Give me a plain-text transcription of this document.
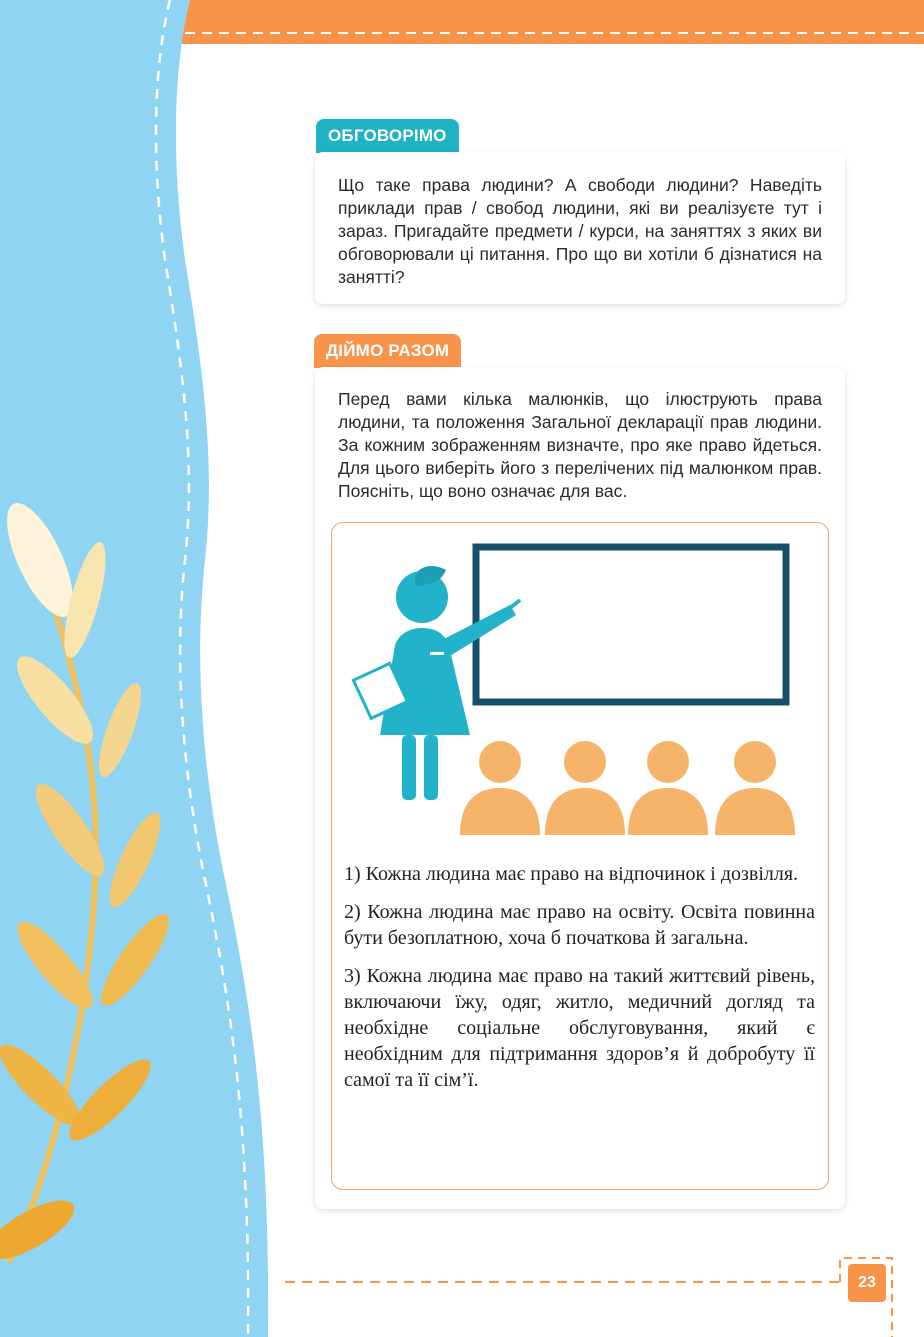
ОБГОВОРІМО

Що таке права людини? А свободи людини? Наведіть приклади прав / свобод людини, які ви реалізуєте тут і зараз. Пригадайте предмети / курси, на заняттях з яких ви обговорювали ці питання. Про що ви хотіли б дізнатися на занятті?

ДІЙМО РАЗОМ

Перед вами кілька малюнків, що ілюструють права людини, та положення Загальної декларації прав людини. За кожним зображенням визначте, про яке право йдеться. Для цього виберіть його з перелічених під малюнком прав. Поясніть, що воно означає для вас.

1) Кожна людина має право на відпочинок і дозвілля.

2) Кожна людина має право на освіту. Освіта повинна бути безоплатною, хоча б початкова й загальна.

3) Кожна людина має право на такий життєвий рівень, включаючи їжу, одяг, житло, медичний догляд та необхідне соціальне обслуговування, який є необхідним для підтримання здоров’я й добробуту її самої та її сім’ї.

23
